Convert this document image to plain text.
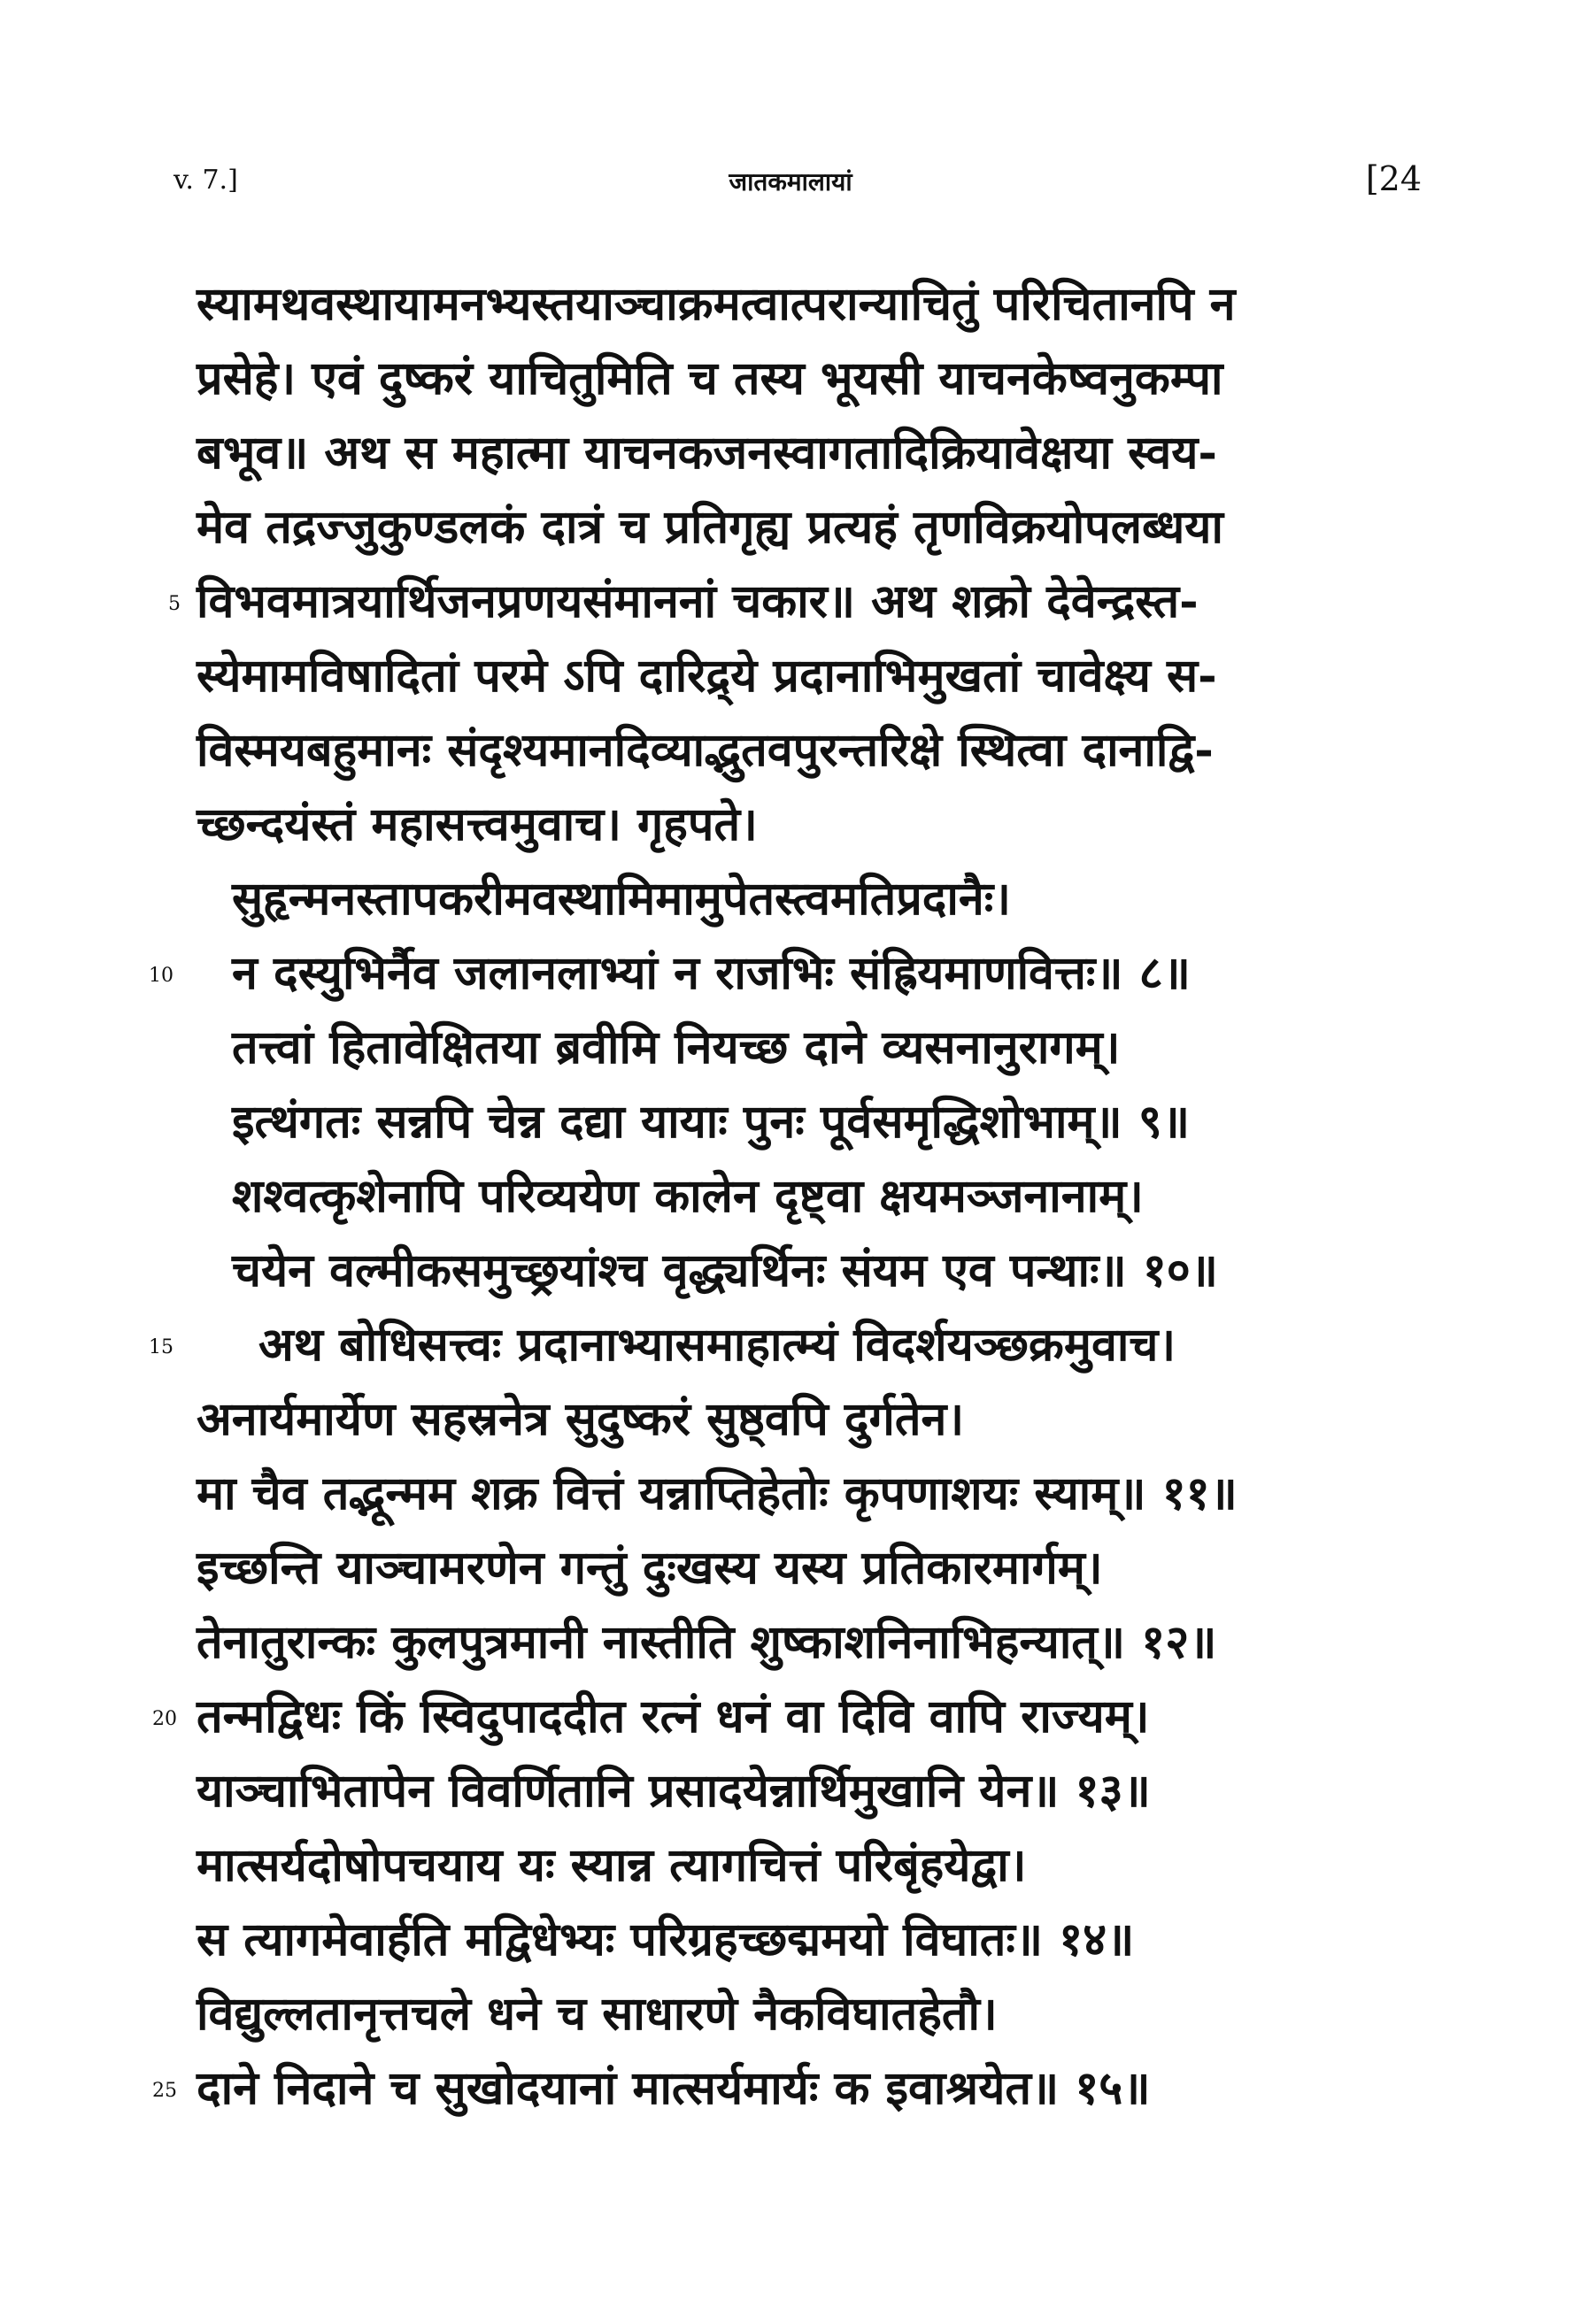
v. 7.]	जातकमालायां	[24
स्यामथवस्थायामनभ्यस्तयाञ्चाक्रमत्वात्परान्याचितुं परिचितानपि न
प्रसेहे। एवं दुष्करं याचितुमिति च तस्य भूयसी याचनकेष्वनुकम्पा
बभूव॥ अथ स महात्मा याचनकजनस्वागतादिक्रियावेक्षया स्वय-
मेव तद्रज्जुकुण्डलकं दात्रं च प्रतिगृह्य प्रत्यहं तृणविक्रयोपलब्धया
5 विभवमात्रयार्थिजनप्रणयसंमाननां चकार॥ अथ शक्रो देवेन्द्रस्त-
स्येमामविषादितां परमे ऽपि दारिद्र्ये प्रदानाभिमुखतां चावेक्ष्य स-
विस्मयबहुमानः संदृश्यमानदिव्याद्भुतवपुरन्तरिक्षे स्थित्वा दानाद्वि-
च्छन्दयंस्तं महासत्त्वमुवाच। गृहपते।
सुहृन्मनस्तापकरीमवस्थामिमामुपेतस्त्वमतिप्रदानैः।
10 न दस्युभिर्नैव जलानलाभ्यां न राजभिः संह्रियमाणवित्तः॥ ८॥
तत्त्वां हितावेक्षितया ब्रवीमि नियच्छ दाने व्यसनानुरागम्।
इत्थंगतः सन्नपि चेन्न दद्या यायाः पुनः पूर्वसमृद्धिशोभाम्॥ ९॥
शश्वत्कृशेनापि परिव्ययेण कालेन दृष्ट्वा क्षयमञ्जनानाम्।
चयेन वल्मीकसमुच्छ्रयांश्च वृद्ध्यर्थिनः संयम एव पन्थाः॥ १०॥
15 अथ बोधिसत्त्वः प्रदानाभ्यासमाहात्म्यं विदर्शयञ्छक्रमुवाच।
अनार्यमार्येण सहस्रनेत्र सुदुष्करं सुष्ठ्वपि दुर्गतेन।
मा चैव तद्भून्मम शक्र वित्तं यन्नाप्तिहेतोः कृपणाशयः स्याम्॥ ११॥
इच्छन्ति याञ्चामरणेन गन्तुं दुःखस्य यस्य प्रतिकारमार्गम्।
तेनातुरान्कः कुलपुत्रमानी नास्तीति शुष्काशनिनाभिहन्यात्॥ १२॥
20 तन्मद्विधः किं स्विदुपाददीत रत्नं धनं वा दिवि वापि राज्यम्।
याञ्चाभितापेन विवर्णितानि प्रसादयेन्नार्थिमुखानि येन॥ १३॥
मात्सर्यदोषोपचयाय यः स्यान्न त्यागचित्तं परिबृंहयेद्वा।
स त्यागमेवार्हति मद्विधेभ्यः परिग्रहच्छद्ममयो विघातः॥ १४॥
विद्युल्लतानृत्तचले धने च साधारणे नैकविघातहेतौ।
25 दाने निदाने च सुखोदयानां मात्सर्यमार्यः क इवाश्रयेत॥ १५॥
